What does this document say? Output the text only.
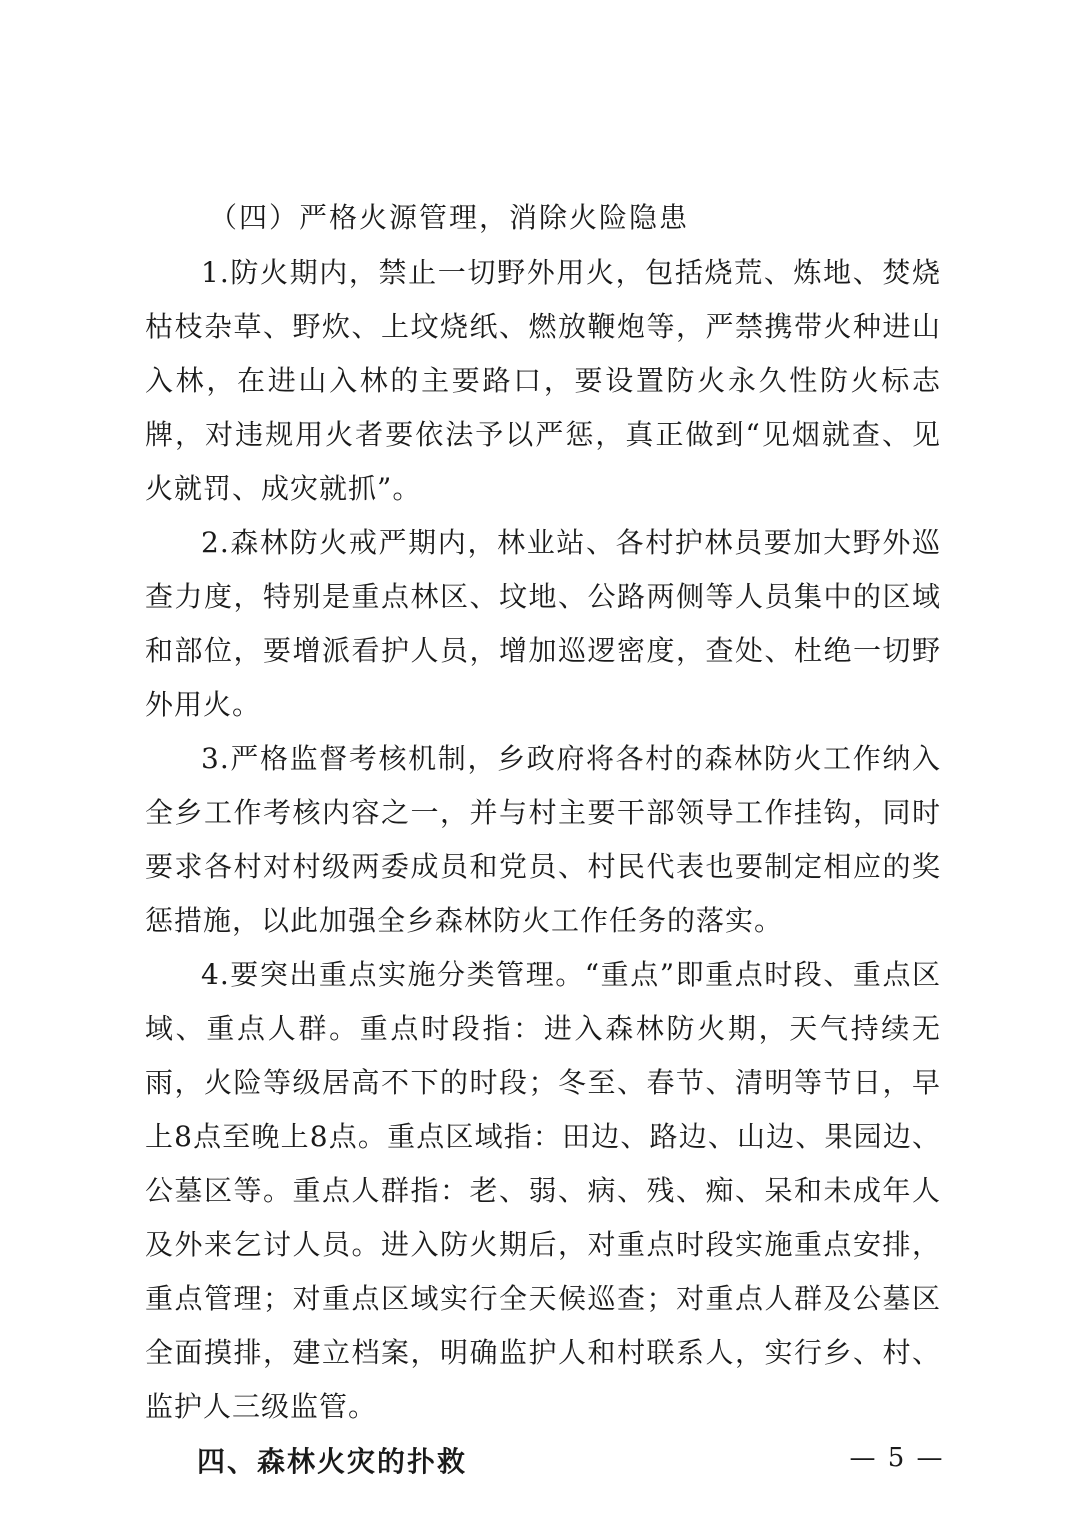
（四）严格火源管理，消除火险隐患

1.防火期内，禁止一切野外用火，包括烧荒、炼地、焚烧枯枝杂草、野炊、上坟烧纸、燃放鞭炮等，严禁携带火种进山入林，在进山入林的主要路口，要设置防火永久性防火标志牌，对违规用火者要依法予以严惩，真正做到“见烟就查、见火就罚、成灾就抓”。

2.森林防火戒严期内，林业站、各村护林员要加大野外巡查力度，特别是重点林区、坟地、公路两侧等人员集中的区域和部位，要增派看护人员，增加巡逻密度，查处、杜绝一切野外用火。

3.严格监督考核机制，乡政府将各村的森林防火工作纳入全乡工作考核内容之一，并与村主要干部领导工作挂钩，同时要求各村对村级两委成员和党员、村民代表也要制定相应的奖惩措施，以此加强全乡森林防火工作任务的落实。

4.要突出重点实施分类管理。“重点”即重点时段、重点区域、重点人群。重点时段指：进入森林防火期，天气持续无雨，火险等级居高不下的时段；冬至、春节、清明等节日，早上8点至晚上8点。重点区域指：田边、路边、山边、果园边、公墓区等。重点人群指：老、弱、病、残、痴、呆和未成年人及外来乞讨人员。进入防火期后，对重点时段实施重点安排，重点管理；对重点区域实行全天候巡查；对重点人群及公墓区全面摸排，建立档案，明确监护人和村联系人，实行乡、村、监护人三级监管。

四、森林火灾的扑救	— 5 —
